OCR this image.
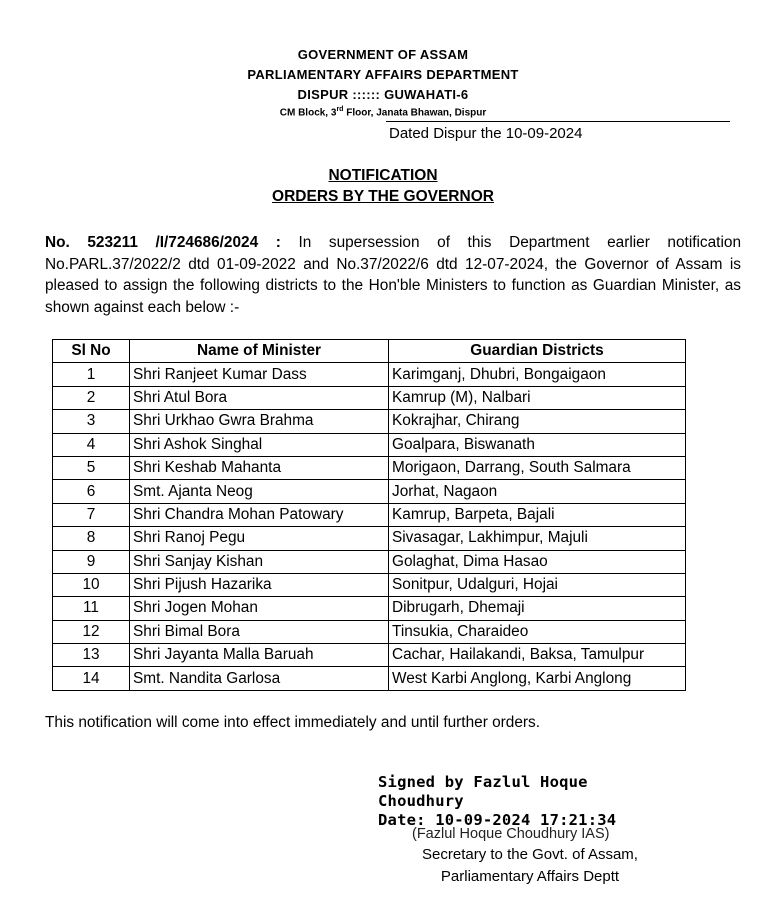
GOVERNMENT OF ASSAM
PARLIAMENTARY AFFAIRS DEPARTMENT
DISPUR :::::: GUWAHATI-6
CM Block, 3rd Floor, Janata Bhawan, Dispur
Dated Dispur the 10-09-2024
NOTIFICATION
ORDERS BY THE GOVERNOR
No. 523211 /I/724686/2024 : In supersession of this Department earlier notification No.PARL.37/2022/2 dtd 01-09-2022 and No.37/2022/6 dtd 12-07-2024, the Governor of Assam is pleased to assign the following districts to the Hon'ble Ministers to function as Guardian Minister, as shown against each below :-
Sl No	Name of Minister	Guardian Districts
1	Shri Ranjeet Kumar Dass	Karimganj, Dhubri, Bongaigaon
2	Shri Atul Bora	Kamrup (M), Nalbari
3	Shri Urkhao Gwra Brahma	Kokrajhar, Chirang
4	Shri Ashok Singhal	Goalpara, Biswanath
5	Shri Keshab Mahanta	Morigaon, Darrang, South Salmara
6	Smt. Ajanta Neog	Jorhat, Nagaon
7	Shri Chandra Mohan Patowary	Kamrup, Barpeta, Bajali
8	Shri Ranoj Pegu	Sivasagar, Lakhimpur, Majuli
9	Shri Sanjay Kishan	Golaghat, Dima Hasao
10	Shri Pijush Hazarika	Sonitpur, Udalguri, Hojai
11	Shri Jogen Mohan	Dibrugarh, Dhemaji
12	Shri Bimal Bora	Tinsukia, Charaideo
13	Shri Jayanta Malla Baruah	Cachar, Hailakandi, Baksa, Tamulpur
14	Smt. Nandita Garlosa	West Karbi Anglong, Karbi Anglong
This notification will come into effect immediately and until further orders.
Signed by Fazlul Hoque
Choudhury
Date: 10-09-2024 17:21:34
(Fazlul Hoque Choudhury IAS)
Secretary to the Govt. of Assam,
Parliamentary Affairs Deptt
